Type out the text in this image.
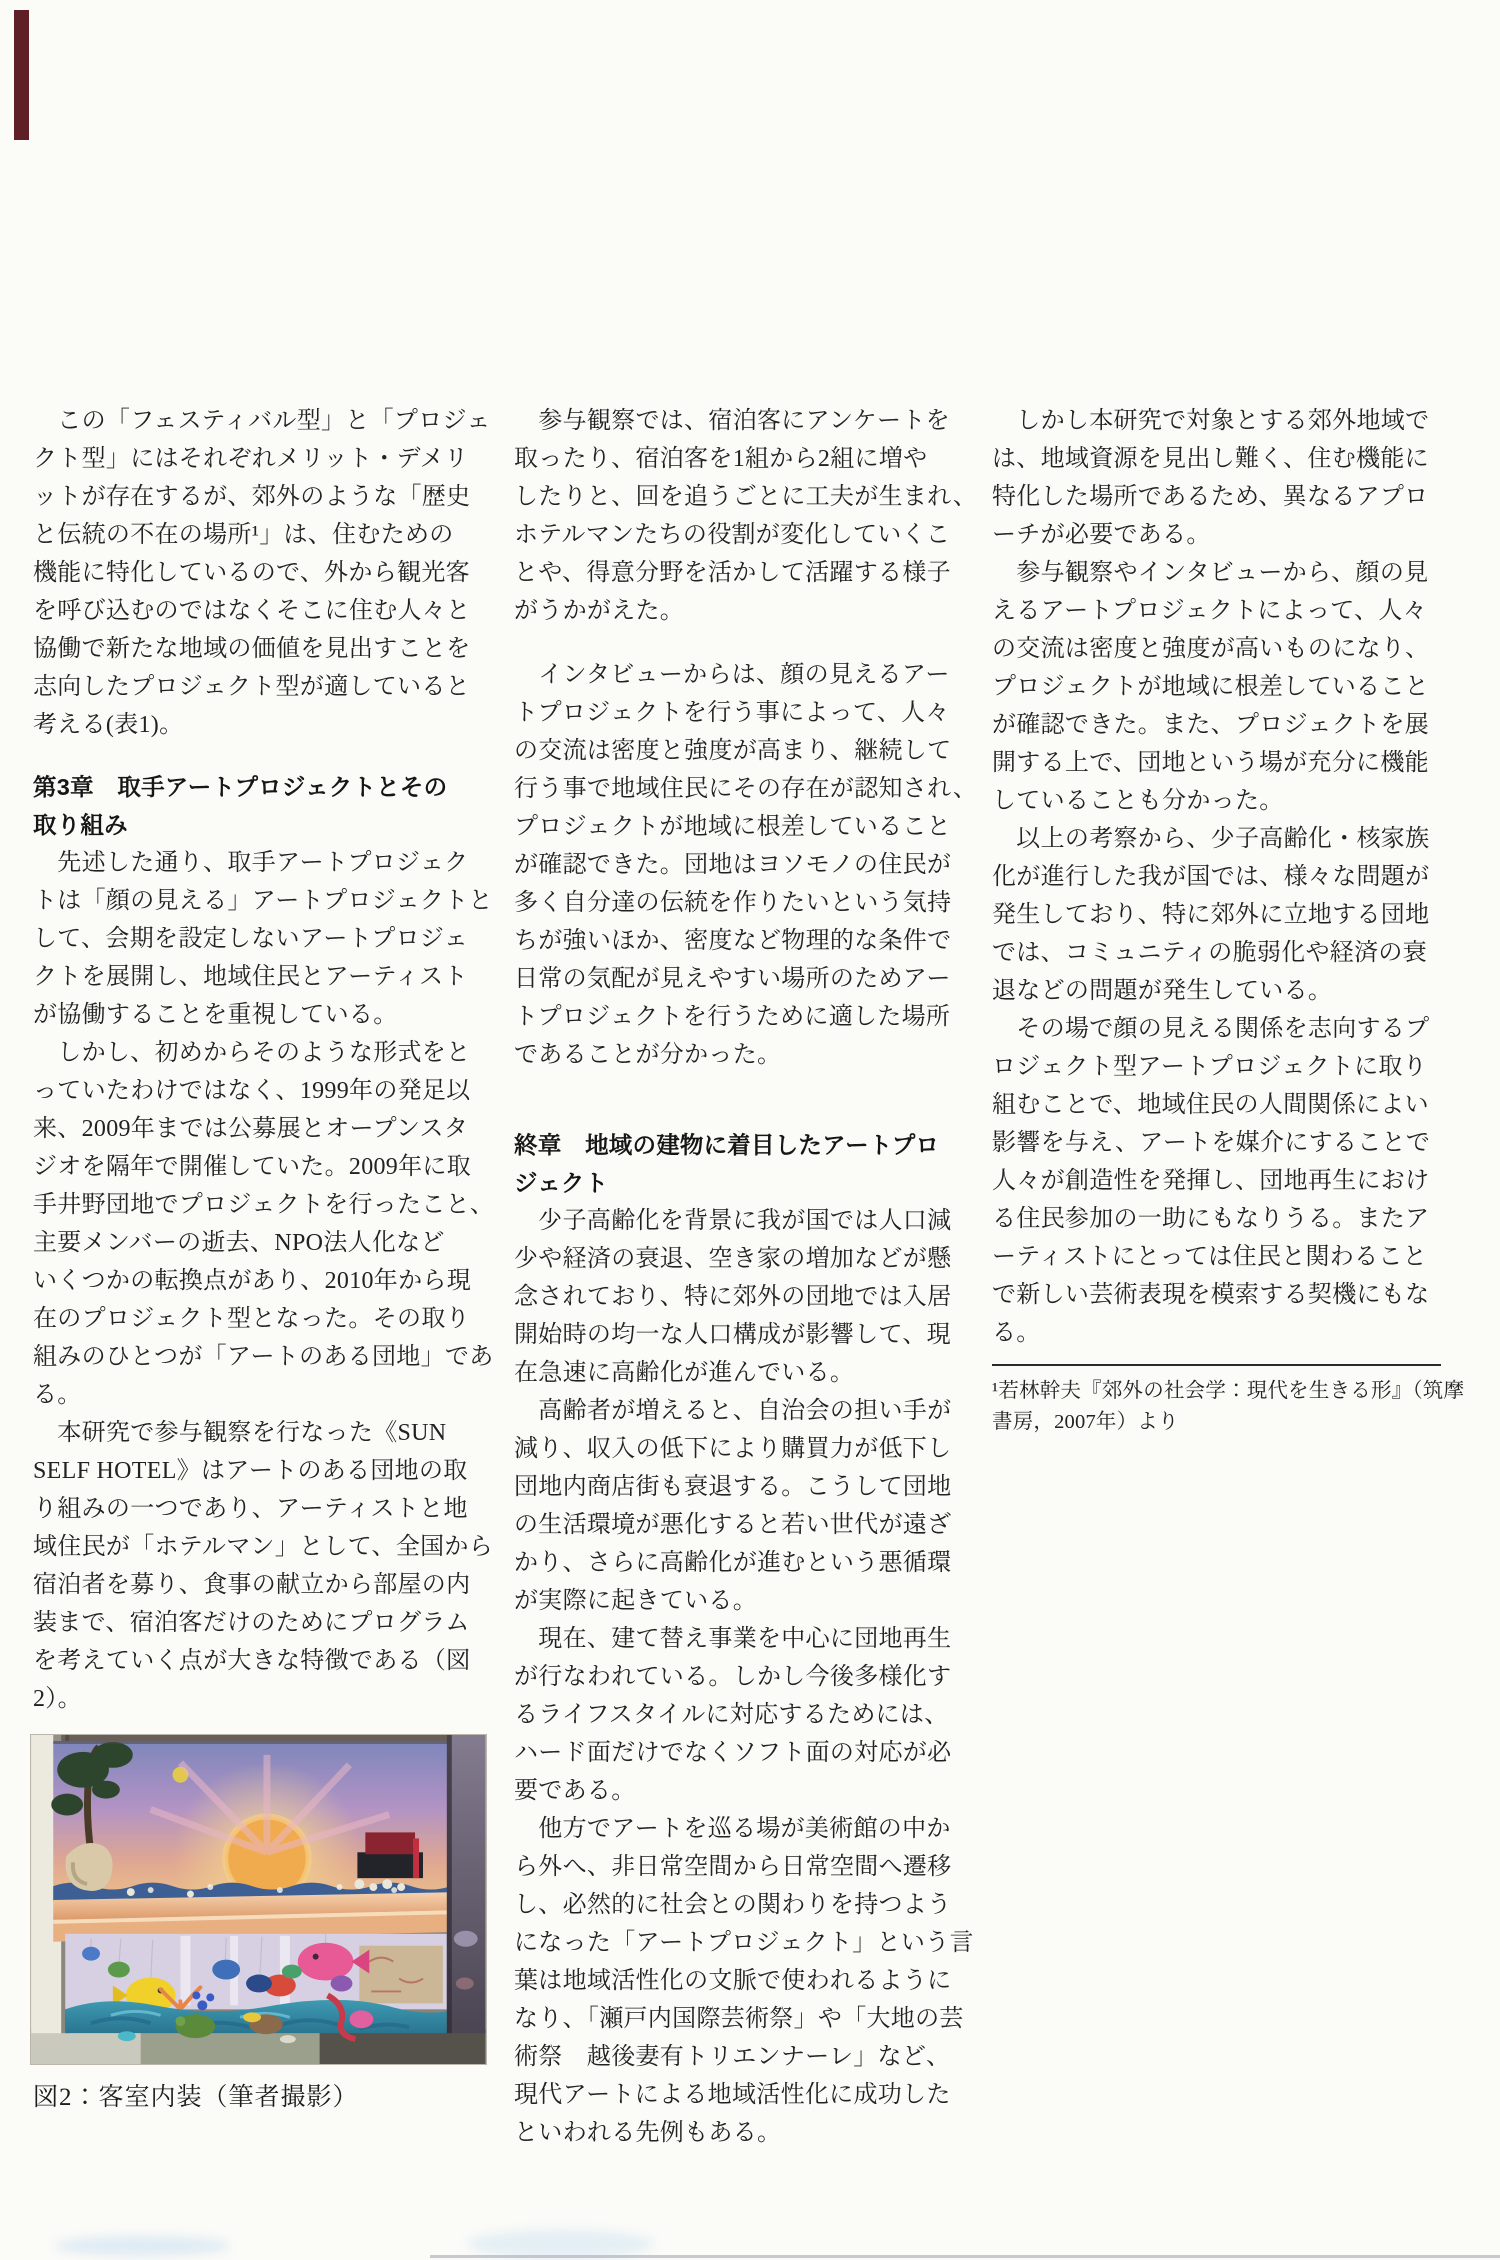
　この「フェスティバル型」と「プロジェ
クト型」にはそれぞれメリット・デメリ
ットが存在するが、郊外のような「歴史
と伝統の不在の場所¹」は、住むための
機能に特化しているので、外から観光客
を呼び込むのではなくそこに住む人々と
協働で新たな地域の価値を見出すことを
志向したプロジェクト型が適していると
考える(表1)。
第3章　取手アートプロジェクトとその
取り組み
　先述した通り、取手アートプロジェク
トは「顔の見える」アートプロジェクトと
して、会期を設定しないアートプロジェ
クトを展開し、地域住民とアーティスト
が協働することを重視している。
　しかし、初めからそのような形式をと
っていたわけではなく、1999年の発足以
来、2009年までは公募展とオープンスタ
ジオを隔年で開催していた。2009年に取
手井野団地でプロジェクトを行ったこと、
主要メンバーの逝去、NPO法人化など
いくつかの転換点があり、2010年から現
在のプロジェクト型となった。その取り
組みのひとつが「アートのある団地」であ
る。
　本研究で参与観察を行なった《SUN
SELF HOTEL》はアートのある団地の取
り組みの一つであり、アーティストと地
域住民が「ホテルマン」として、全国から
宿泊者を募り、食事の献立から部屋の内
装まで、宿泊客だけのためにプログラム
を考えていく点が大きな特徴である（図
2）。
図2：客室内装（筆者撮影）
　参与観察では、宿泊客にアンケートを
取ったり、宿泊客を1組から2組に増や
したりと、回を追うごとに工夫が生まれ、
ホテルマンたちの役割が変化していくこ
とや、得意分野を活かして活躍する様子
がうかがえた。
　インタビューからは、顔の見えるアー
トプロジェクトを行う事によって、人々
の交流は密度と強度が高まり、継続して
行う事で地域住民にその存在が認知され、
プロジェクトが地域に根差していること
が確認できた。団地はヨソモノの住民が
多く自分達の伝統を作りたいという気持
ちが強いほか、密度など物理的な条件で
日常の気配が見えやすい場所のためアー
トプロジェクトを行うために適した場所
であることが分かった。
終章　地域の建物に着目したアートプロ
ジェクト
　少子高齢化を背景に我が国では人口減
少や経済の衰退、空き家の増加などが懸
念されており、特に郊外の団地では入居
開始時の均一な人口構成が影響して、現
在急速に高齢化が進んでいる。
　高齢者が増えると、自治会の担い手が
減り、収入の低下により購買力が低下し
団地内商店街も衰退する。こうして団地
の生活環境が悪化すると若い世代が遠ざ
かり、さらに高齢化が進むという悪循環
が実際に起きている。
　現在、建て替え事業を中心に団地再生
が行なわれている。しかし今後多様化す
るライフスタイルに対応するためには、
ハード面だけでなくソフト面の対応が必
要である。
　他方でアートを巡る場が美術館の中か
ら外へ、非日常空間から日常空間へ遷移
し、必然的に社会との関わりを持つよう
になった「アートプロジェクト」という言
葉は地域活性化の文脈で使われるように
なり、「瀬戸内国際芸術祭」や「大地の芸
術祭　越後妻有トリエンナーレ」など、
現代アートによる地域活性化に成功した
といわれる先例もある。
　しかし本研究で対象とする郊外地域で
は、地域資源を見出し難く、住む機能に
特化した場所であるため、異なるアプロ
ーチが必要である。
　参与観察やインタビューから、顔の見
えるアートプロジェクトによって、人々
の交流は密度と強度が高いものになり、
プロジェクトが地域に根差していること
が確認できた。また、プロジェクトを展
開する上で、団地という場が充分に機能
していることも分かった。
　以上の考察から、少子高齢化・核家族
化が進行した我が国では、様々な問題が
発生しており、特に郊外に立地する団地
では、コミュニティの脆弱化や経済の衰
退などの問題が発生している。
　その場で顔の見える関係を志向するプ
ロジェクト型アートプロジェクトに取り
組むことで、地域住民の人間関係によい
影響を与え、アートを媒介にすることで
人々が創造性を発揮し、団地再生におけ
る住民参加の一助にもなりうる。またア
ーティストにとっては住民と関わること
で新しい芸術表現を模索する契機にもな
る。
¹若林幹夫『郊外の社会学：現代を生きる形』（筑摩
書房，2007年）より
